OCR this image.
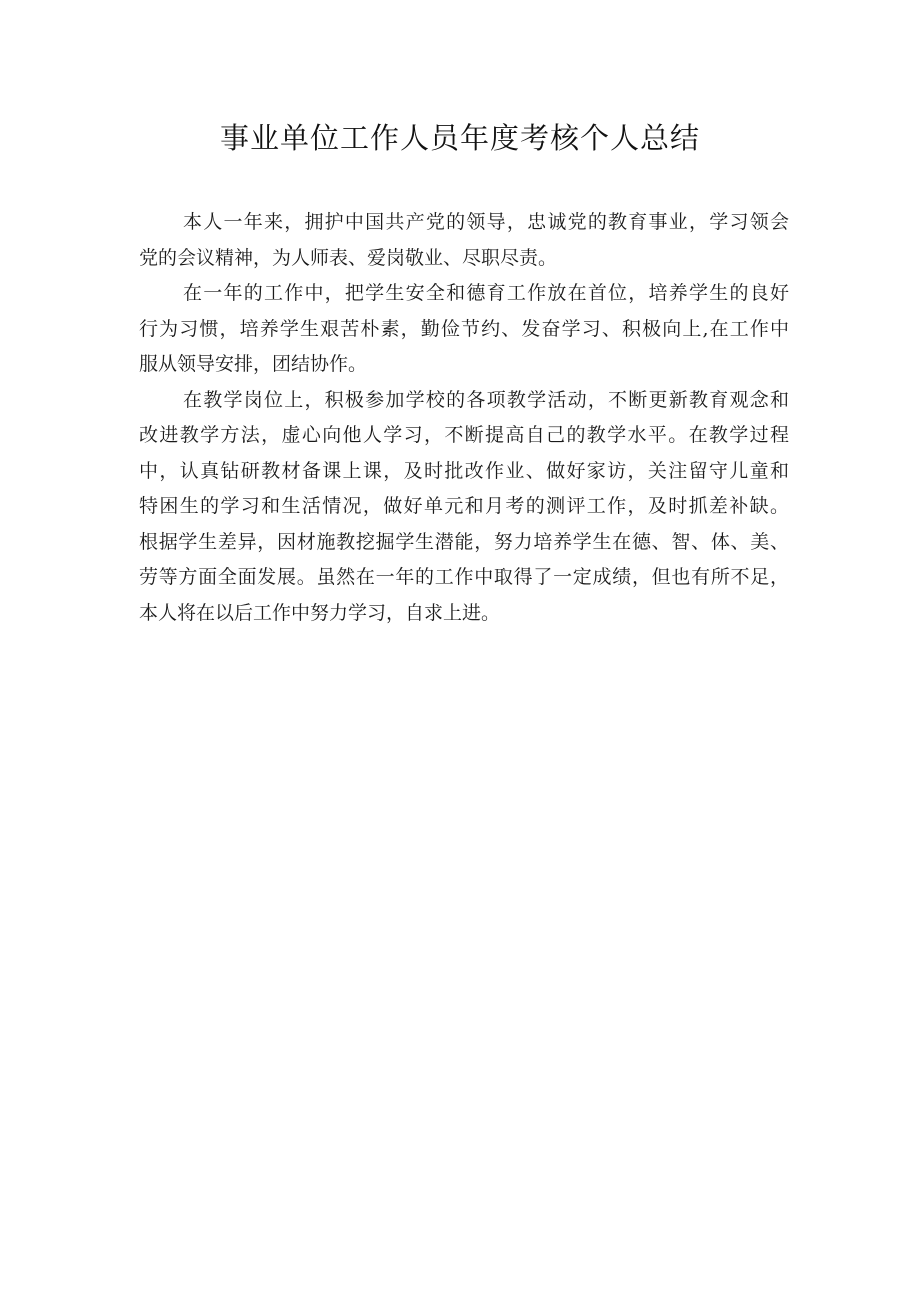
事业单位工作人员年度考核个人总结

本人一年来，拥护中国共产党的领导，忠诚党的教育事业，学习领会
党的会议精神，为人师表、爱岗敬业、尽职尽责。

在一年的工作中，把学生安全和德育工作放在首位，培养学生的良好
行为习惯，培养学生艰苦朴素，勤俭节约、发奋学习、积极向上,在工作中
服从领导安排，团结协作。

在教学岗位上，积极参加学校的各项教学活动，不断更新教育观念和
改进教学方法，虚心向他人学习，不断提高自己的教学水平。在教学过程
中，认真钻研教材备课上课，及时批改作业、做好家访，关注留守儿童和
特困生的学习和生活情况，做好单元和月考的测评工作，及时抓差补缺。
根据学生差异，因材施教挖掘学生潜能，努力培养学生在德、智、体、美、
劳等方面全面发展。虽然在一年的工作中取得了一定成绩，但也有所不足，
本人将在以后工作中努力学习，自求上进。
